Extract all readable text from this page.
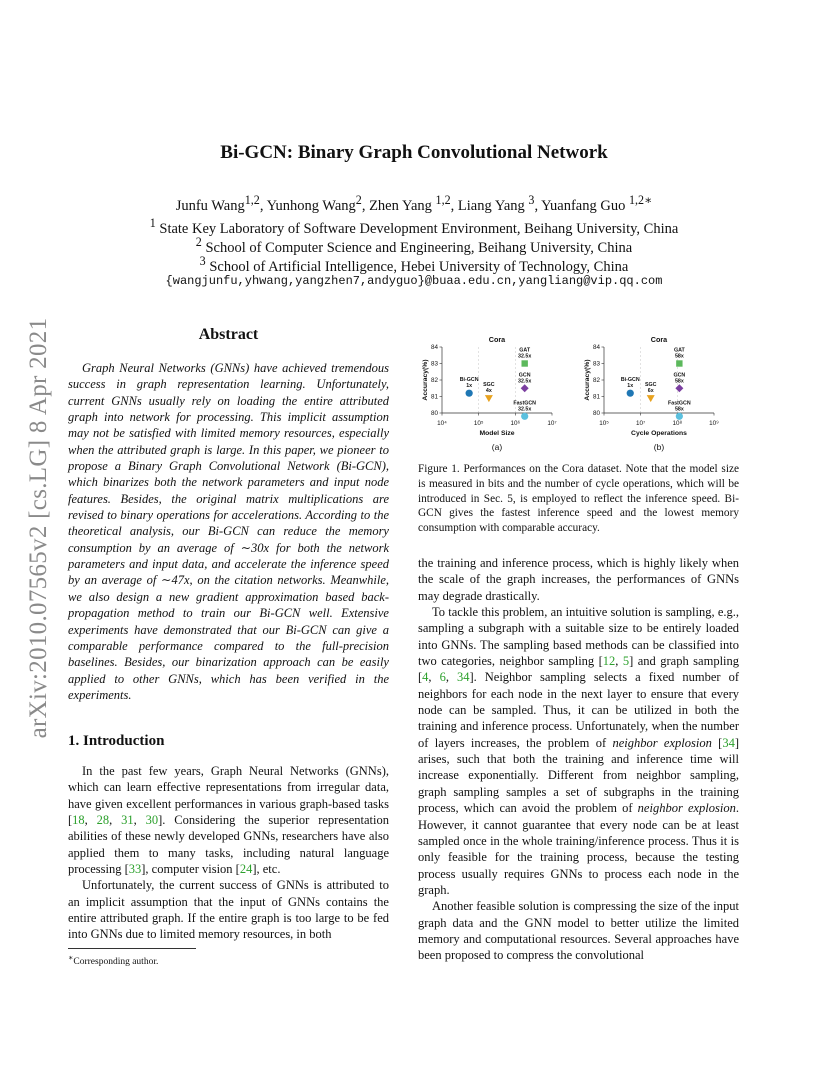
arXiv:2010.07565v2 [cs.LG] 8 Apr 2021
Bi-GCN: Binary Graph Convolutional Network
Junfu Wang$^{1,2}$, Yunhong Wang$^2$, Zhen Yang $^{1,2}$, Liang Yang $^3$, Yuanfang Guo $^{1,2∗}$
$^1$ State Key Laboratory of Software Development Environment, Beihang University, China
$^2$ School of Computer Science and Engineering, Beihang University, China
$^3$ School of Artificial Intelligence, Hebei University of Technology, China
{wangjunfu,yhwang,yangzhen7,andyguo}@buaa.edu.cn,yangliang@vip.qq.com
Abstract

Graph Neural Networks (GNNs) have achieved tremendous success in graph representation learning. Unfortunately, current GNNs usually rely on loading the entire attributed graph into network for processing. This implicit assumption may not be satisfied with limited memory resources, especially when the attributed graph is large. In this paper, we pioneer to propose a Binary Graph Convolutional Network (Bi-GCN), which binarizes both the network parameters and input node features. Besides, the original matrix multiplications are revised to binary operations for accelerations. According to the theoretical analysis, our Bi-GCN can reduce the memory consumption by an average of ∼30x for both the network parameters and input data, and accelerate the inference speed by an average of ∼47x, on the citation networks. Meanwhile, we also design a new gradient approximation based back-propagation method to train our Bi-GCN well. Extensive experiments have demonstrated that our Bi-GCN can give a comparable performance compared to the full-precision baselines. Besides, our binarization approach can be easily applied to other GNNs, which has been verified in the experiments.

1. Introduction

In the past few years, Graph Neural Networks (GNNs), which can learn effective representations from irregular data, have given excellent performances in various graph-based tasks [18, 28, 31, 30]. Considering the superior representation abilities of these newly developed GNNs, researchers have also applied them to many tasks, including natural language processing [33], computer vision [24], etc.

Unfortunately, the current success of GNNs is attributed to an implicit assumption that the input of GNNs contains the entire attributed graph. If the entire graph is too large to be fed into GNNs due to limited memory resources, in both

∗Corresponding author.
10⁴	10⁵	10⁶	10⁷
80
81
82
83
84
Cora
Model Size
Accuracy(%)
(a)
Bi-GCN
1x SGC
4x
GAT
32.5x
GCN
32.5x
FastGCN
32.5x
10⁵	10⁷	10⁸	10⁹
80
81
82
83
84
Cora
Cycle Operations
Accuracy(%)
(b)
Bi-GCN
1x SGC
6x
GAT
58x
GCN
58x
FastGCN
58x
Figure 1. Performances on the Cora dataset. Note that the model size is measured in bits and the number of cycle operations, which will be introduced in Sec. 5, is employed to reflect the inference speed. Bi-GCN gives the fastest inference speed and the lowest memory consumption with comparable accuracy.

the training and inference process, which is highly likely when the scale of the graph increases, the performances of GNNs may degrade drastically.

To tackle this problem, an intuitive solution is sampling, e.g., sampling a subgraph with a suitable size to be entirely loaded into GNNs. The sampling based methods can be classified into two categories, neighbor sampling [12, 5] and graph sampling [4, 6, 34]. Neighbor sampling selects a fixed number of neighbors for each node in the next layer to ensure that every node can be sampled. Thus, it can be utilized in both the training and inference process. Unfortunately, when the number of layers increases, the problem of neighbor explosion [34] arises, such that both the training and inference time will increase exponentially. Different from neighbor sampling, graph sampling samples a set of subgraphs in the training process, which can avoid the problem of neighbor explosion. However, it cannot guarantee that every node can be at least sampled once in the whole training/inference process. Thus it is only feasible for the training process, because the testing process usually requires GNNs to process each node in the graph.

Another feasible solution is compressing the size of the input graph data and the GNN model to better utilize the limited memory and computational resources. Several approaches have been proposed to compress the convolutional
